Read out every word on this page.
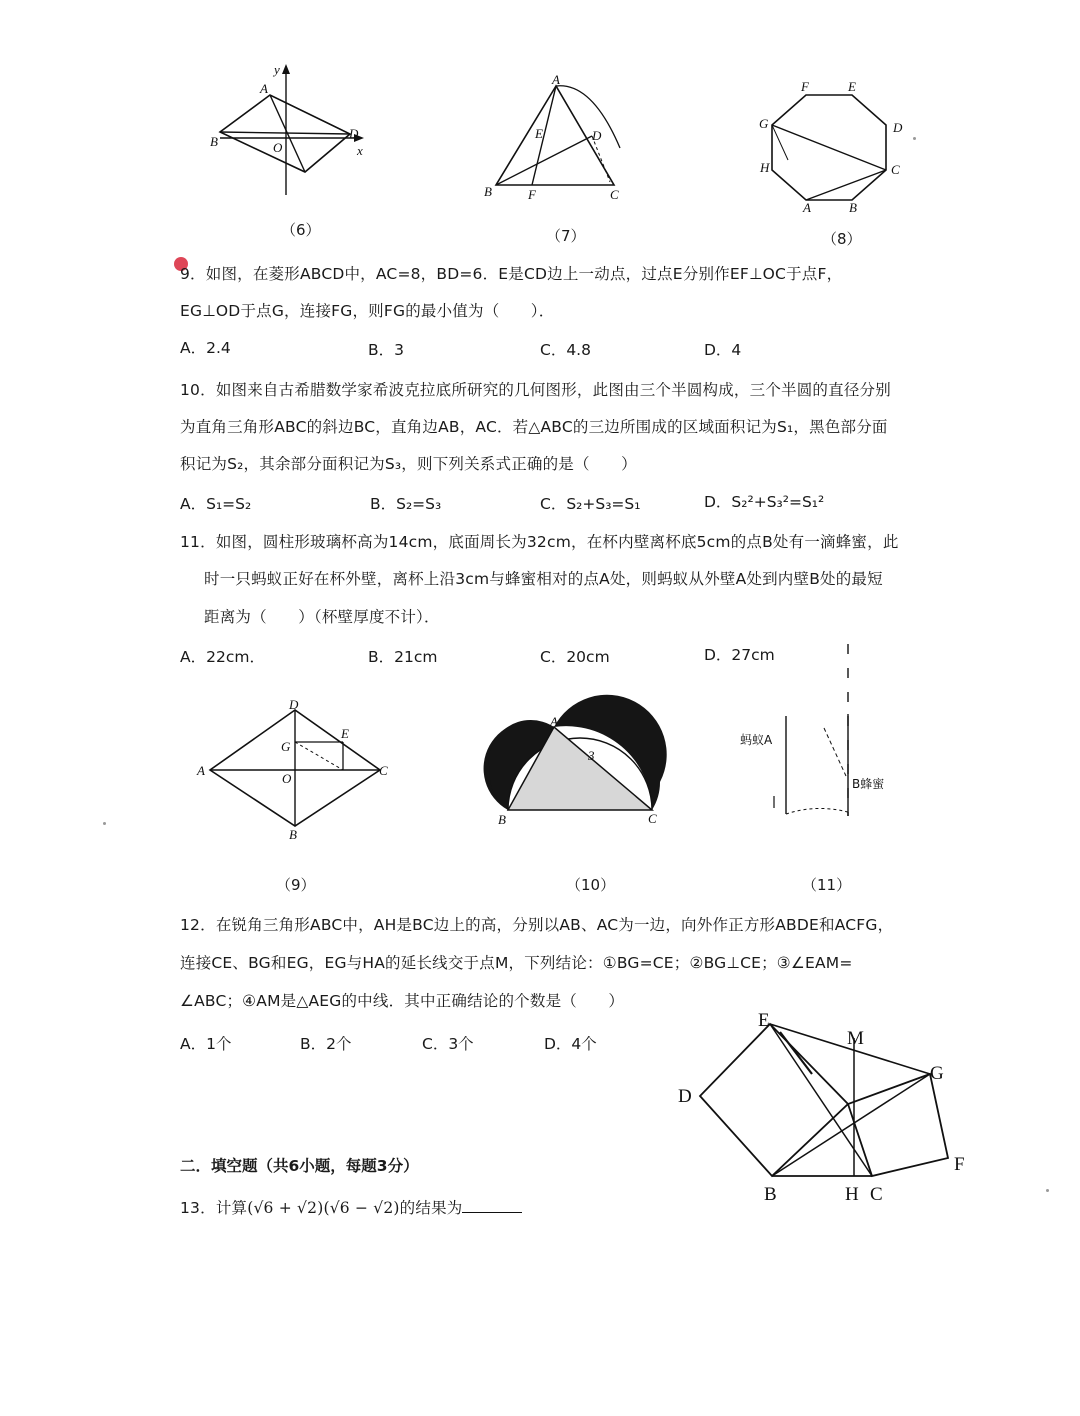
y
x
A
B	O
D
（6）
A
E	D
B	F	C
（7）
F	E
G	D
H	C
A	B
（8）
9．如图，在菱形ABCD中，AC=8，BD=6．E是CD边上一动点，过点E分别作EF⊥OC于点F，
EG⊥OD于点G，连接FG，则FG的最小值为（　　）．
A．2.4	B．3	C．4.8	D．4
10．如图来自古希腊数学家希波克拉底所研究的几何图形，此图由三个半圆构成，三个半圆的直径分别
为直角三角形ABC的斜边BC，直角边AB，AC．若△ABC的三边所围成的区域面积记为S₁，黑色部分面
积记为S₂，其余部分面积记为S₃，则下列关系式正确的是（　　）
A．S₁=S₂	B．S₂=S₃	C．S₂+S₃=S₁	D．S₂²+S₃²=S₁²
11．如图，圆柱形玻璃杯高为14cm，底面周长为32cm，在杯内壁离杯底5cm的点B处有一滴蜂蜜，此
时一只蚂蚁正好在杯外壁，离杯上沿3cm与蜂蜜相对的点A处，则蚂蚁从外壁A处到内壁B处的最短
距离为（　　）（杯壁厚度不计）．
A．22cm．	B．21cm	C．20cm	D．27cm
D
G
E
A
O
C
B
（9）
A
B	C
3
（10）
蚂蚁A
B蜂蜜
（11）
12．在锐角三角形ABC中，AH是BC边上的高，分别以AB、AC为一边，向外作正方形ABDE和ACFG，
连接CE、BG和EG，EG与HA的延长线交于点M，下列结论：①BG=CE；②BG⊥CE；③∠EAM=
∠ABC；④AM是△AEG的中线．其中正确结论的个数是（　　）
A．1个	B．2个	C．3个	D．4个
E
M
G
D
B	H C
F
二．填空题（共6小题，每题3分）
13．计算(√6 + √2)(√6 − √2)的结果为
